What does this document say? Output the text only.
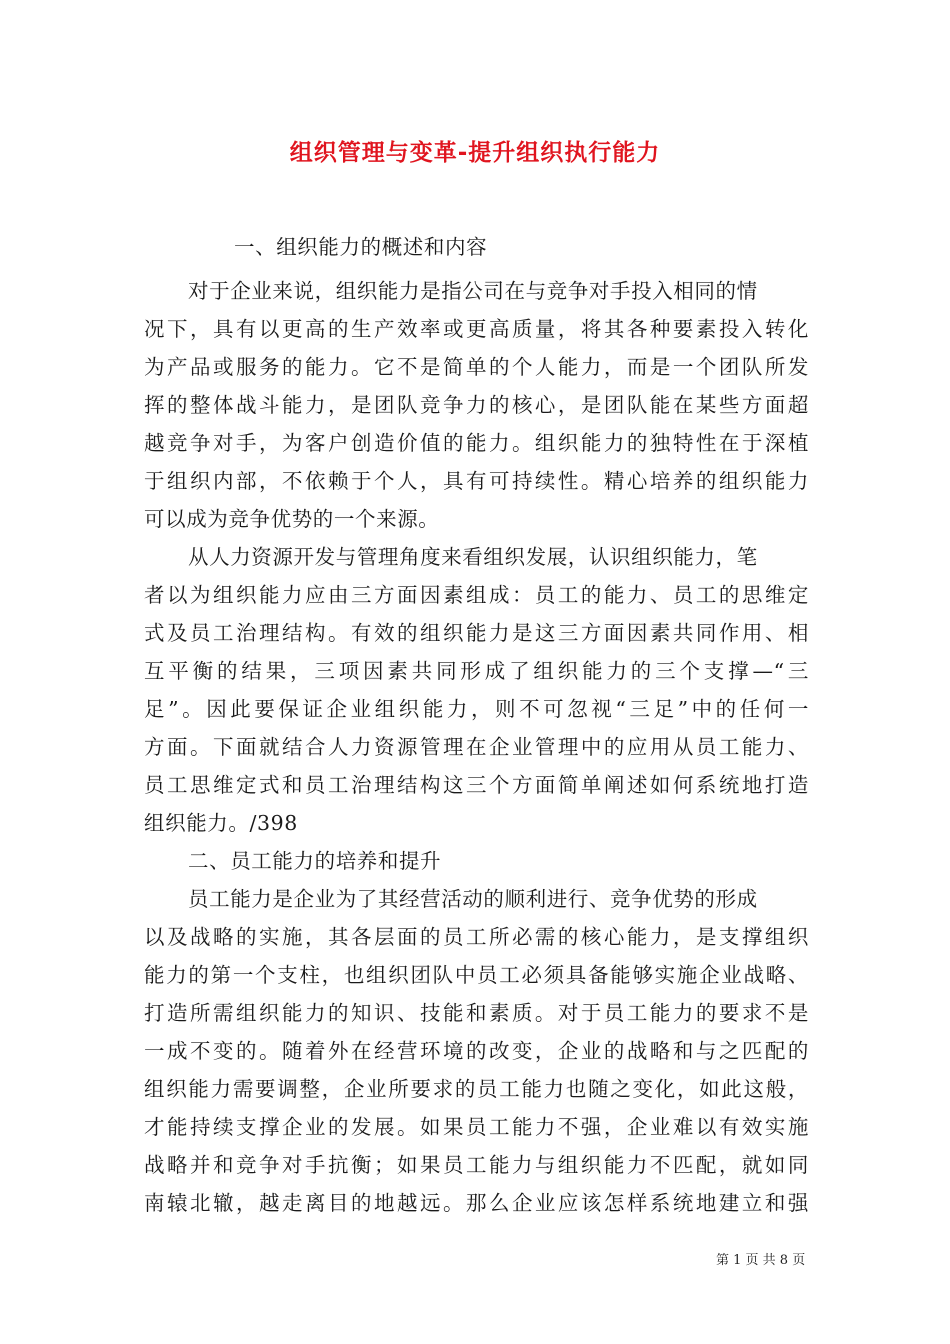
组织管理与变革-提升组织执行能力
一、组织能力的概述和内容
对于企业来说，组织能力是指公司在与竞争对手投入相同的情
况下，具有以更高的生产效率或更高质量，将其各种要素投入转化
为产品或服务的能力。它不是简单的个人能力，而是一个团队所发
挥的整体战斗能力，是团队竞争力的核心，是团队能在某些方面超
越竞争对手，为客户创造价值的能力。组织能力的独特性在于深植
于组织内部，不依赖于个人，具有可持续性。精心培养的组织能力
可以成为竞争优势的一个来源。
从人力资源开发与管理角度来看组织发展，认识组织能力，笔
者以为组织能力应由三方面因素组成：员工的能力、员工的思维定
式及员工治理结构。有效的组织能力是这三方面因素共同作用、相
互平衡的结果，三项因素共同形成了组织能力的三个支撑—“三
足”。因此要保证企业组织能力，则不可忽视“三足”中的任何一
方面。下面就结合人力资源管理在企业管理中的应用从员工能力、
员工思维定式和员工治理结构这三个方面简单阐述如何系统地打造
组织能力。/398
二、员工能力的培养和提升
员工能力是企业为了其经营活动的顺利进行、竞争优势的形成
以及战略的实施，其各层面的员工所必需的核心能力，是支撑组织
能力的第一个支柱，也组织团队中员工必须具备能够实施企业战略、
打造所需组织能力的知识、技能和素质。对于员工能力的要求不是
一成不变的。随着外在经营环境的改变，企业的战略和与之匹配的
组织能力需要调整，企业所要求的员工能力也随之变化，如此这般，
才能持续支撑企业的发展。如果员工能力不强，企业难以有效实施
战略并和竞争对手抗衡；如果员工能力与组织能力不匹配，就如同
南辕北辙，越走离目的地越远。那么企业应该怎样系统地建立和强
第 1 页 共 8 页
